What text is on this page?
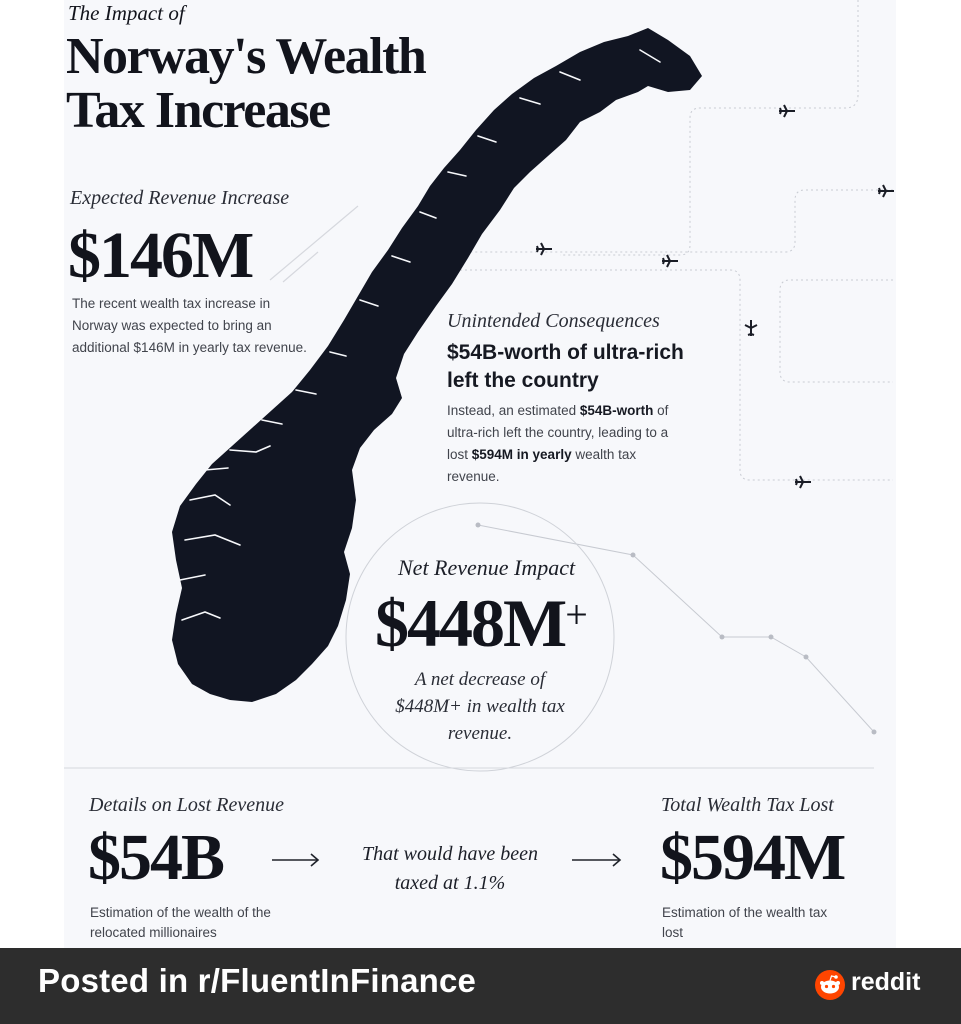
The Impact of
Norway's Wealth
Tax Increase
Expected Revenue Increase
$146M
The recent wealth tax increase in
Norway was expected to bring an
additional $146M in yearly tax revenue.
Unintended Consequences
$54B-worth of ultra-rich
left the country
Instead, an estimated $54B-worth of
ultra-rich left the country, leading to a
lost $594M in yearly wealth tax
revenue.
Net Revenue Impact
$448M+
A net decrease of
$448M+ in wealth tax
revenue.
Details on Lost Revenue
$54B
Estimation of the wealth of the
relocated millionaires
That would have been
taxed at 1.1%
Total Wealth Tax Lost
$594M
Estimation of the wealth tax
lost
Posted in r/FluentInFinance	reddit
